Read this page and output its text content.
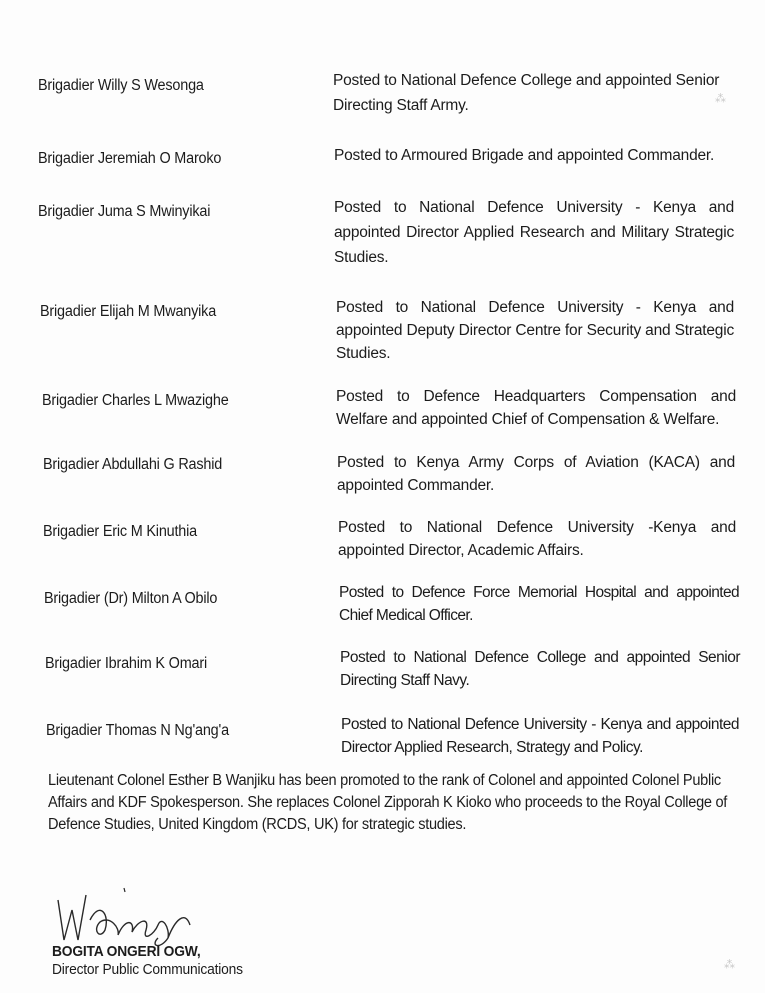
Brigadier Willy S Wesonga	Posted to National Defence College and appointed Senior Directing Staff Army.
Brigadier Jeremiah O Maroko	Posted to Armoured Brigade and appointed Commander.
Brigadier Juma S Mwinyikai	Posted to National Defence University - Kenya and appointed Director Applied Research and Military Strategic Studies.
Brigadier Elijah M Mwanyika	Posted to National Defence University - Kenya and appointed Deputy Director Centre for Security and Strategic Studies.
Brigadier Charles L Mwazighe	Posted to Defence Headquarters Compensation and Welfare and appointed Chief of Compensation & Welfare.
Brigadier Abdullahi G Rashid	Posted to Kenya Army Corps of Aviation (KACA) and appointed Commander.
Brigadier Eric M Kinuthia	Posted to National Defence University -Kenya and appointed Director, Academic Affairs.
Brigadier (Dr) Milton A Obilo	Posted to Defence Force Memorial Hospital and appointed Chief Medical Officer.
Brigadier Ibrahim K Omari	Posted to National Defence College and appointed Senior Directing Staff Navy.
Brigadier Thomas N Ng'ang'a	Posted to National Defence University - Kenya and appointed Director Applied Research, Strategy and Policy.
Lieutenant Colonel Esther B Wanjiku has been promoted to the rank of Colonel and appointed Colonel Public Affairs and KDF Spokesperson. She replaces Colonel Zipporah K Kioko who proceeds to the Royal College of Defence Studies, United Kingdom (RCDS, UK) for strategic studies.
BOGITA ONGERI OGW,
Director Public Communications
⁂
⁂
